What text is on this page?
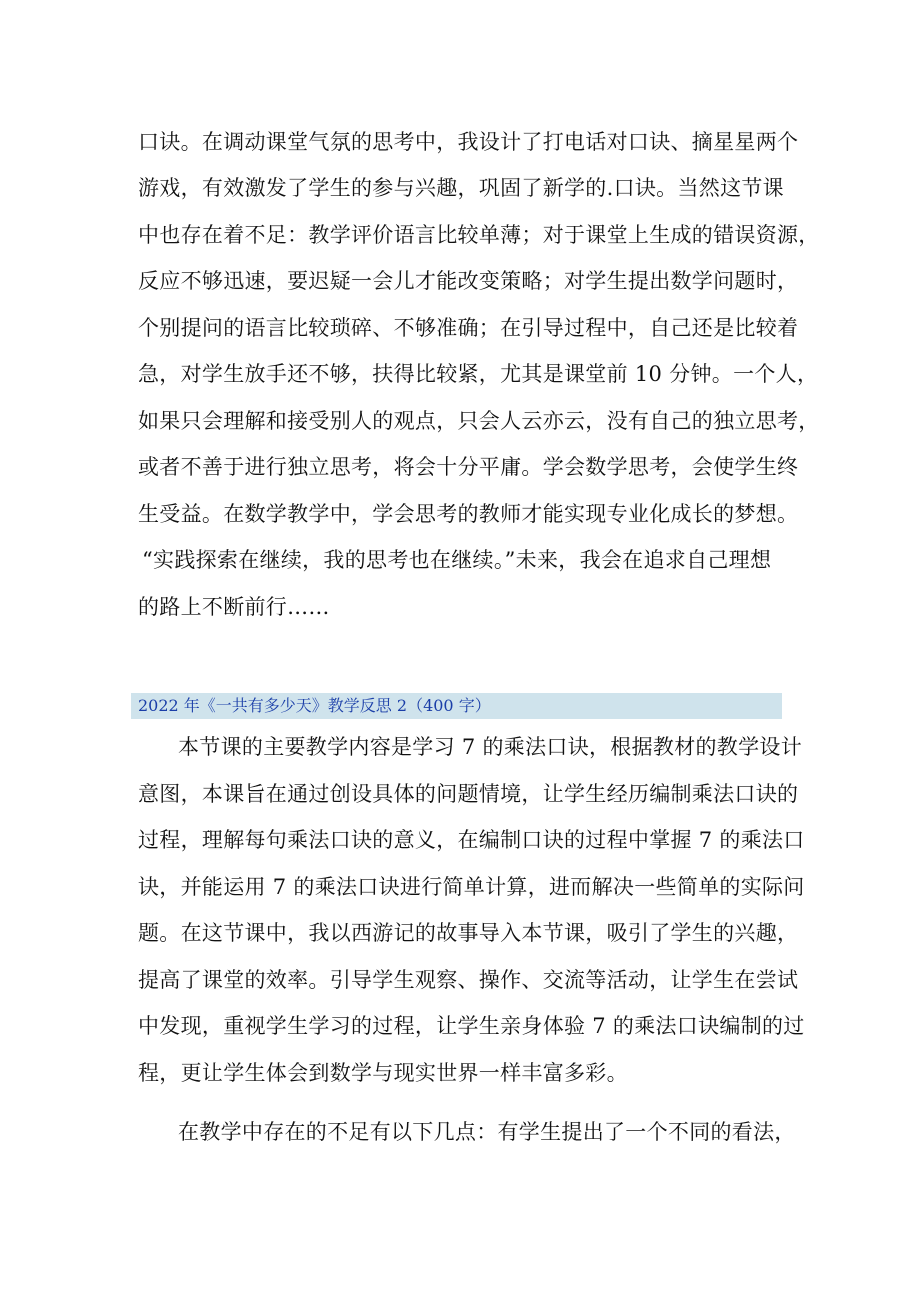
口诀。在调动课堂气氛的思考中，我设计了打电话对口诀、摘星星两个
游戏，有效激发了学生的参与兴趣，巩固了新学的.口诀。当然这节课
中也存在着不足：教学评价语言比较单薄；对于课堂上生成的错误资源，
反应不够迅速，要迟疑一会儿才能改变策略；对学生提出数学问题时，
个别提问的语言比较琐碎、不够准确；在引导过程中，自己还是比较着
急，对学生放手还不够，扶得比较紧，尤其是课堂前 10 分钟。一个人，
如果只会理解和接受别人的观点，只会人云亦云，没有自己的独立思考，
或者不善于进行独立思考，将会十分平庸。学会数学思考，会使学生终
生受益。在数学教学中，学会思考的教师才能实现专业化成长的梦想。
“实践探索在继续，我的思考也在继续。”未来，我会在追求自己理想
的路上不断前行……
2022 年《一共有多少天》教学反思 2（400 字）
本节课的主要教学内容是学习 7 的乘法口诀，根据教材的教学设计
意图，本课旨在通过创设具体的问题情境，让学生经历编制乘法口诀的
过程，理解每句乘法口诀的意义，在编制口诀的过程中掌握 7 的乘法口
诀，并能运用 7 的乘法口诀进行简单计算，进而解决一些简单的实际问
题。在这节课中，我以西游记的故事导入本节课，吸引了学生的兴趣，
提高了课堂的效率。引导学生观察、操作、交流等活动，让学生在尝试
中发现，重视学生学习的过程，让学生亲身体验 7 的乘法口诀编制的过
程，更让学生体会到数学与现实世界一样丰富多彩。
在教学中存在的不足有以下几点：有学生提出了一个不同的看法，
